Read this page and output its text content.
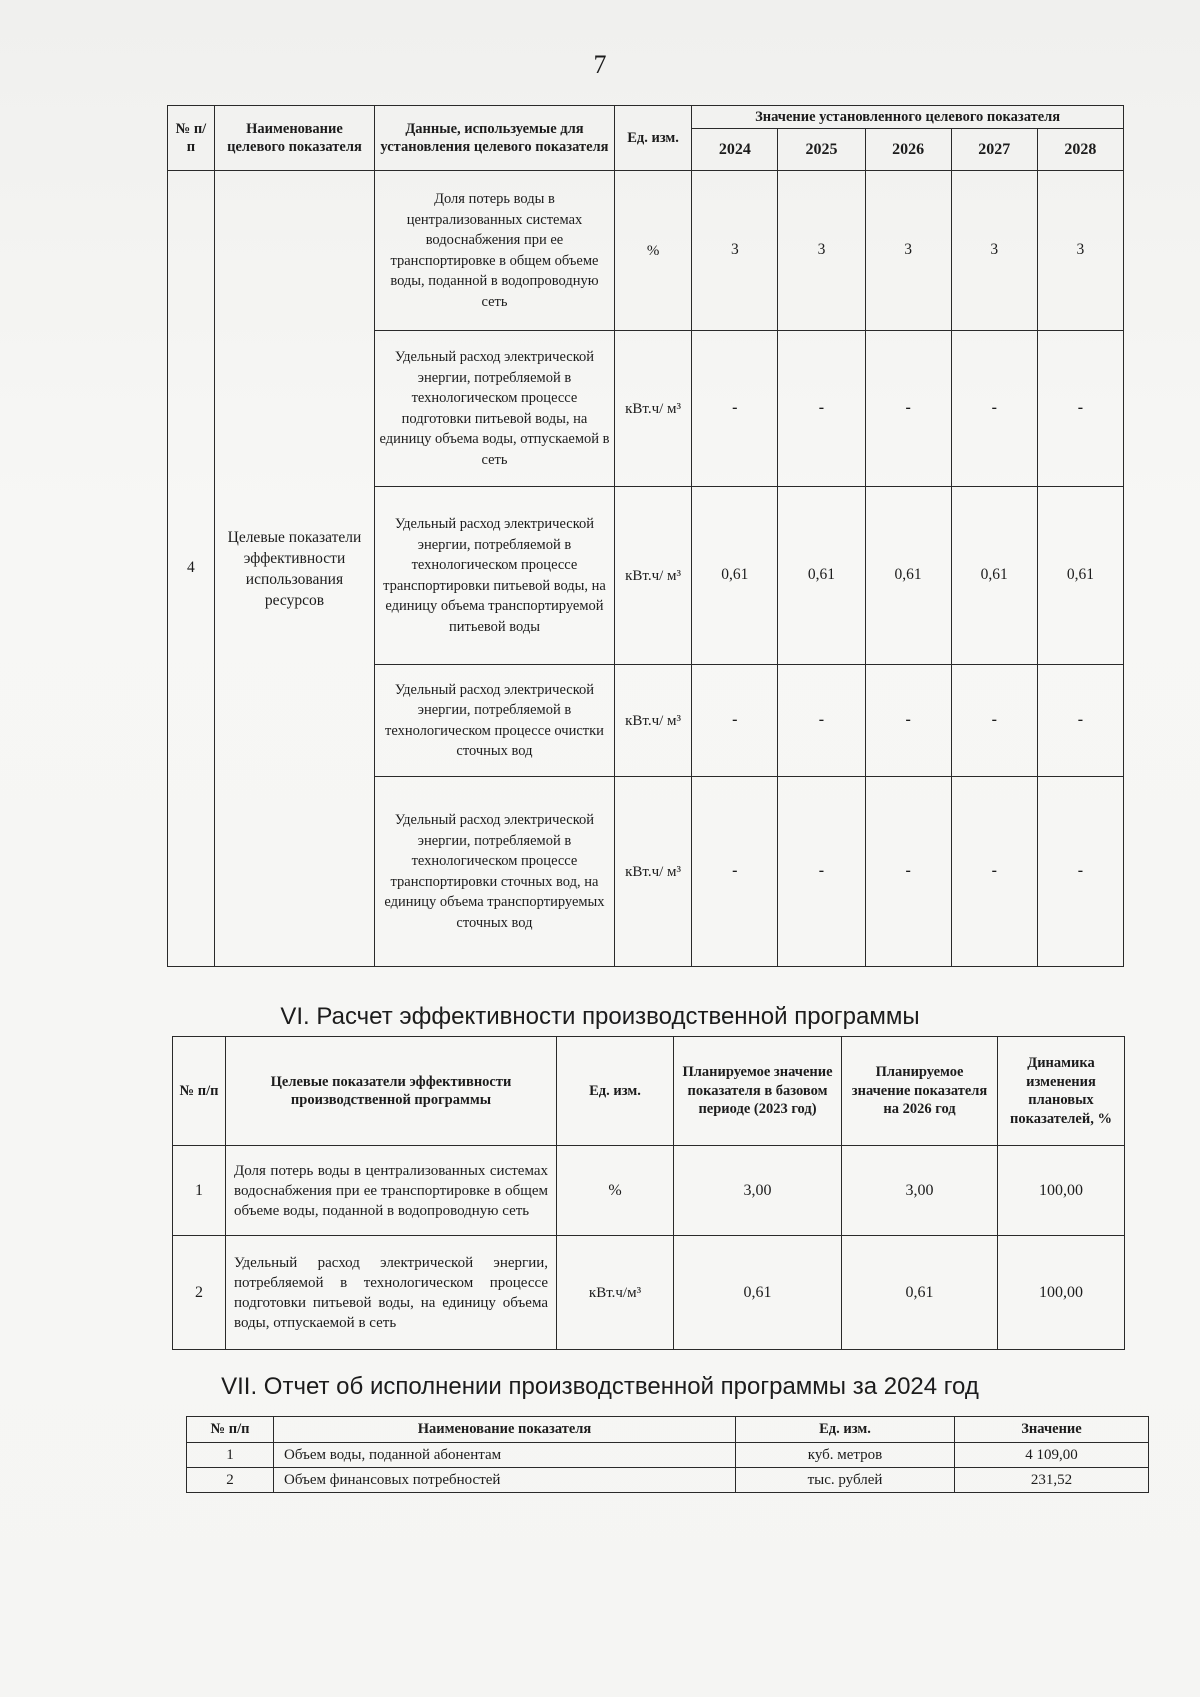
7
№ п/п	Наименование целевого показателя	Данные, используемые для установления целевого показателя	Ед. изм.	Значение установленного целевого показателя				
				2024	2025	2026	2027	2028
4	Целевые показатели эффективности использования ресурсов	Доля потерь воды в централизованных системах водоснабжения при ее транспортировке в общем объеме воды, поданной в водопроводную сеть	%	3	3	3	3	3
		Удельный расход электрической энергии, потребляемой в технологическом процессе подготовки питьевой воды, на единицу объема воды, отпускаемой в сеть	кВт.ч/ м³	-	-	-	-	-
		Удельный расход электрической энергии, потребляемой в технологическом процессе транспортировки питьевой воды, на единицу объема транспортируемой питьевой воды	кВт.ч/ м³	0,61	0,61	0,61	0,61	0,61
		Удельный расход электрической энергии, потребляемой в технологическом процессе очистки сточных вод	кВт.ч/ м³	-	-	-	-	-
		Удельный расход электрической энергии, потребляемой в технологическом процессе транспортировки сточных вод, на единицу объема транспортируемых сточных вод	кВт.ч/ м³	-	-	-	-	-
VI. Расчет эффективности производственной программы
№ п/п	Целевые показатели эффективности производственной программы	Ед. изм.	Планируемое значение показателя в базовом периоде (2023 год)	Планируемое значение показателя на 2026 год	Динамика изменения плановых показателей, %
1	Доля потерь воды в централизованных системах водоснабжения при ее транспортировке в общем объеме воды, поданной в водопроводную сеть	%	3,00	3,00	100,00
2	Удельный расход электрической энергии, потребляемой в технологическом процессе подготовки питьевой воды, на единицу объема воды, отпускаемой в сеть	кВт.ч/м³	0,61	0,61	100,00
VII. Отчет об исполнении производственной программы за 2024 год
№ п/п	Наименование показателя	Ед. изм.	Значение
1	Объем воды, поданной абонентам	куб. метров	4 109,00
2	Объем финансовых потребностей	тыс. рублей	231,52
